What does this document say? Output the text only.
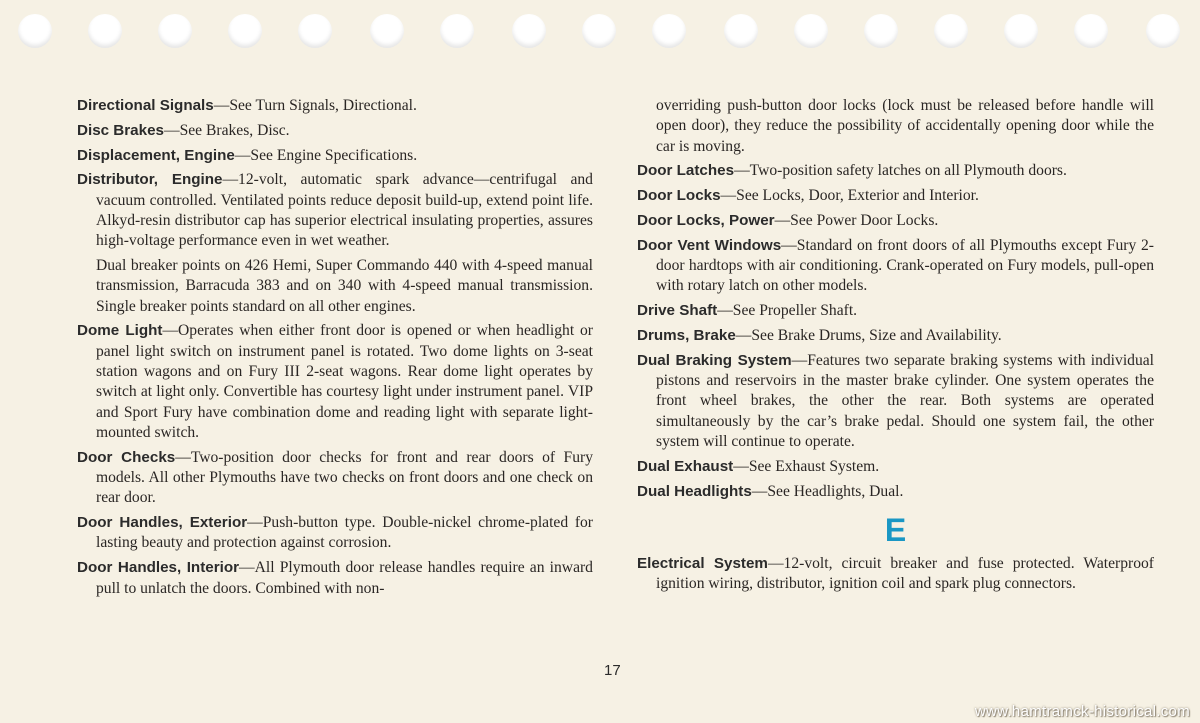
Directional Signals—See Turn Signals, Directional.
Disc Brakes—See Brakes, Disc.
Displacement, Engine—See Engine Specifications.
Distributor, Engine—12-volt, automatic spark advance—centrifugal and vacuum controlled. Ventilated points reduce deposit build-up, extend point life. Alkyd-resin distributor cap has superior electrical insulating properties, assures high-voltage performance even in wet weather.
Dual breaker points on 426 Hemi, Super Commando 440 with 4-speed manual transmission, Barracuda 383 and on 340 with 4-speed manual transmission. Single breaker points standard on all other engines.
Dome Light—Operates when either front door is opened or when headlight or panel light switch on instrument panel is rotated. Two dome lights on 3-seat station wagons and on Fury III 2-seat wagons. Rear dome light operates by switch at light only. Convertible has courtesy light under instrument panel. VIP and Sport Fury have combination dome and reading light with separate light-mounted switch.
Door Checks—Two-position door checks for front and rear doors of Fury models. All other Plymouths have two checks on front doors and one check on rear door.
Door Handles, Exterior—Push-button type. Double-nickel chrome-plated for lasting beauty and protection against corrosion.
Door Handles, Interior—All Plymouth door release handles require an inward pull to unlatch the doors. Combined with non-
overriding push-button door locks (lock must be released before handle will open door), they reduce the possibility of accidentally opening door while the car is moving.
Door Latches—Two-position safety latches on all Plymouth doors.
Door Locks—See Locks, Door, Exterior and Interior.
Door Locks, Power—See Power Door Locks.
Door Vent Windows—Standard on front doors of all Plymouths except Fury 2-door hardtops with air conditioning. Crank-operated on Fury models, pull-open with rotary latch on other models.
Drive Shaft—See Propeller Shaft.
Drums, Brake—See Brake Drums, Size and Availability.
Dual Braking System—Features two separate braking systems with individual pistons and reservoirs in the master brake cylinder. One system operates the front wheel brakes, the other the rear. Both systems are operated simultaneously by the car’s brake pedal. Should one system fail, the other system will continue to operate.
Dual Exhaust—See Exhaust System.
Dual Headlights—See Headlights, Dual.
E
Electrical System—12-volt, circuit breaker and fuse protected. Waterproof ignition wiring, distributor, ignition coil and spark plug connectors.
17
www.hamtramck-historical.com
